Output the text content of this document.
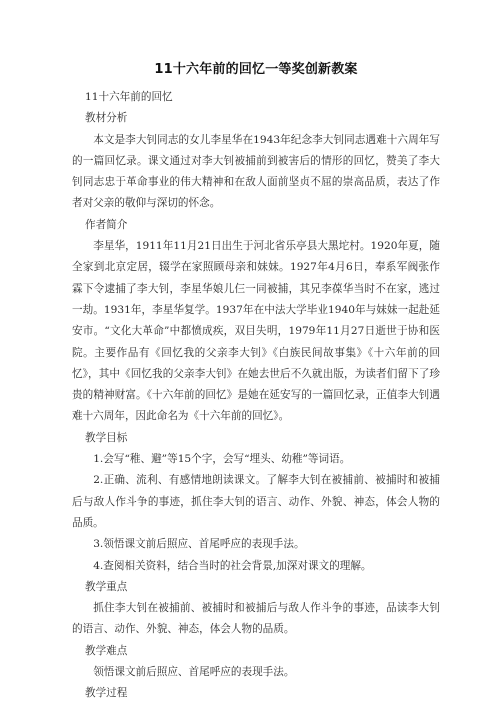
11十六年前的回忆一等奖创新教案

11十六年前的回忆

教材分析

本文是李大钊同志的女儿李星华在1943年纪念李大钊同志遇难十六周年写的一篇回忆录。课文通过对李大钊被捕前到被害后的情形的回忆，赞美了李大钊同志忠于革命事业的伟大精神和在敌人面前坚贞不屈的崇高品质，表达了作者对父亲的敬仰与深切的怀念。

作者简介

李星华，1911年11月21日出生于河北省乐亭县大黑坨村。1920年夏，随全家到北京定居，辍学在家照顾母亲和妹妹。1927年4月6日，奉系军阀张作霖下令逮捕了李大钊，李星华娘儿仨一同被捕，其兄李葆华当时不在家，逃过一劫。1931年，李星华复学。1937年在中法大学毕业1940年与妹妹一起赴延安市。“文化大革命”中都愤成疾，双目失明，1979年11月27日逝世于协和医院。主要作品有《回忆我的父亲李大钊》《白族民间故事集》《十六年前的回忆》，其中《回忆我的父亲李大钊》在她去世后不久就出版，为读者们留下了珍贵的精神财富。《十六年前的回忆》是她在延安写的一篇回忆录，正值李大钊遇难十六周年，因此命名为《十六年前的回忆》。

教学目标

1.会写“稚、避”等15个字，会写“埋头、幼稚”等词语。

2.正确、流利、有感情地朗读课文。了解李大钊在被捕前、被捕时和被捕后与敌人作斗争的事迹，抓住李大钊的语言、动作、外貌、神态，体会人物的品质。

3.领悟课文前后照应、首尾呼应的表现手法。

4.查阅相关资料，结合当时的社会背景,加深对课文的理解。

教学重点

抓住李大钊在被捕前、被捕时和被捕后与敌人作斗争的事迹，品读李大钊的语言、动作、外貌、神态，体会人物的品质。

教学难点

领悟课文前后照应、首尾呼应的表现手法。

教学过程
